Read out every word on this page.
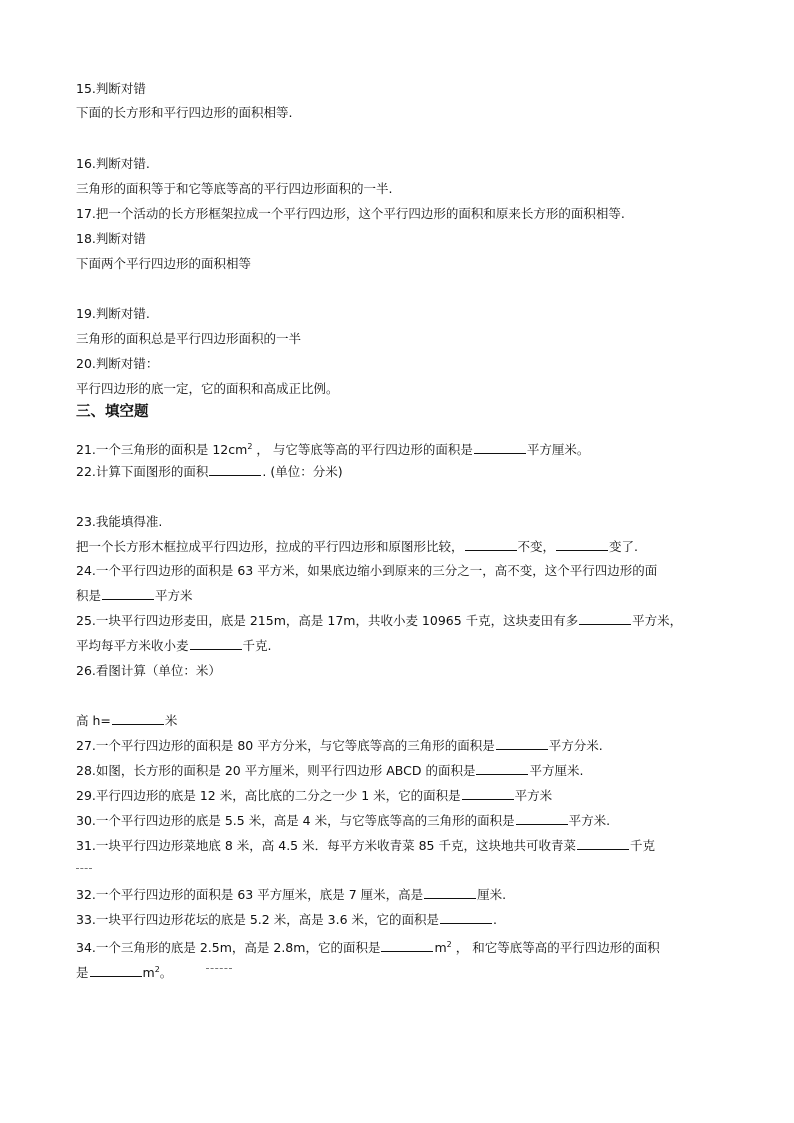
15.判断对错
下面的长方形和平行四边形的面积相等.
16.判断对错.
三角形的面积等于和它等底等高的平行四边形面积的一半.
17.把一个活动的长方形框架拉成一个平行四边形，这个平行四边形的面积和原来长方形的面积相等.
18.判断对错
下面两个平行四边形的面积相等
19.判断对错.
三角形的面积总是平行四边形面积的一半
20.判断对错：
平行四边形的底一定，它的面积和高成正比例。
三、填空题
21.一个三角形的面积是 $12cm^2$ ， 与它等底等高的平行四边形的面积是	平方厘米。
22.计算下面图形的面积	. (单位：分米)
23.我能填得准.
把一个长方形木框拉成平行四边形，拉成的平行四边形和原图形比较，	不变，	变了.
24.一个平行四边形的面积是 63 平方米，如果底边缩小到原来的三分之一，高不变，这个平行四边形的面
积是	平方米
25.一块平行四边形麦田，底是 215m，高是 17m，共收小麦 10965 千克，这块麦田有多	平方米，
平均每平方米收小麦	千克.
26.看图计算（单位：米）
高 h=	米
27.一个平行四边形的面积是 80 平方分米，与它等底等高的三角形的面积是	平方分米.
28.如图，长方形的面积是 20 平方厘米，则平行四边形 ABCD 的面积是	平方厘米.
29.平行四边形的底是 12 米，高比底的二分之一少 1 米，它的面积是	平方米
30.一个平行四边形的底是 5.5 米，高是 4 米，与它等底等高的三角形的面积是	平方米.
31.一块平行四边形菜地底 8 米，高 4.5 米．每平方米收青菜 85 千克，这块地共可收青菜	千克
32.一个平行四边形的面积是 63 平方厘米，底是 7 厘米，高是	厘米.
33.一块平行四边形花坛的底是 5.2 米，高是 3.6 米，它的面积是	.
34.一个三角形的底是 2.5m，高是 2.8m，它的面积是	$m^2$ ， 和它等底等高的平行四边形的面积
是	$m^2$。
